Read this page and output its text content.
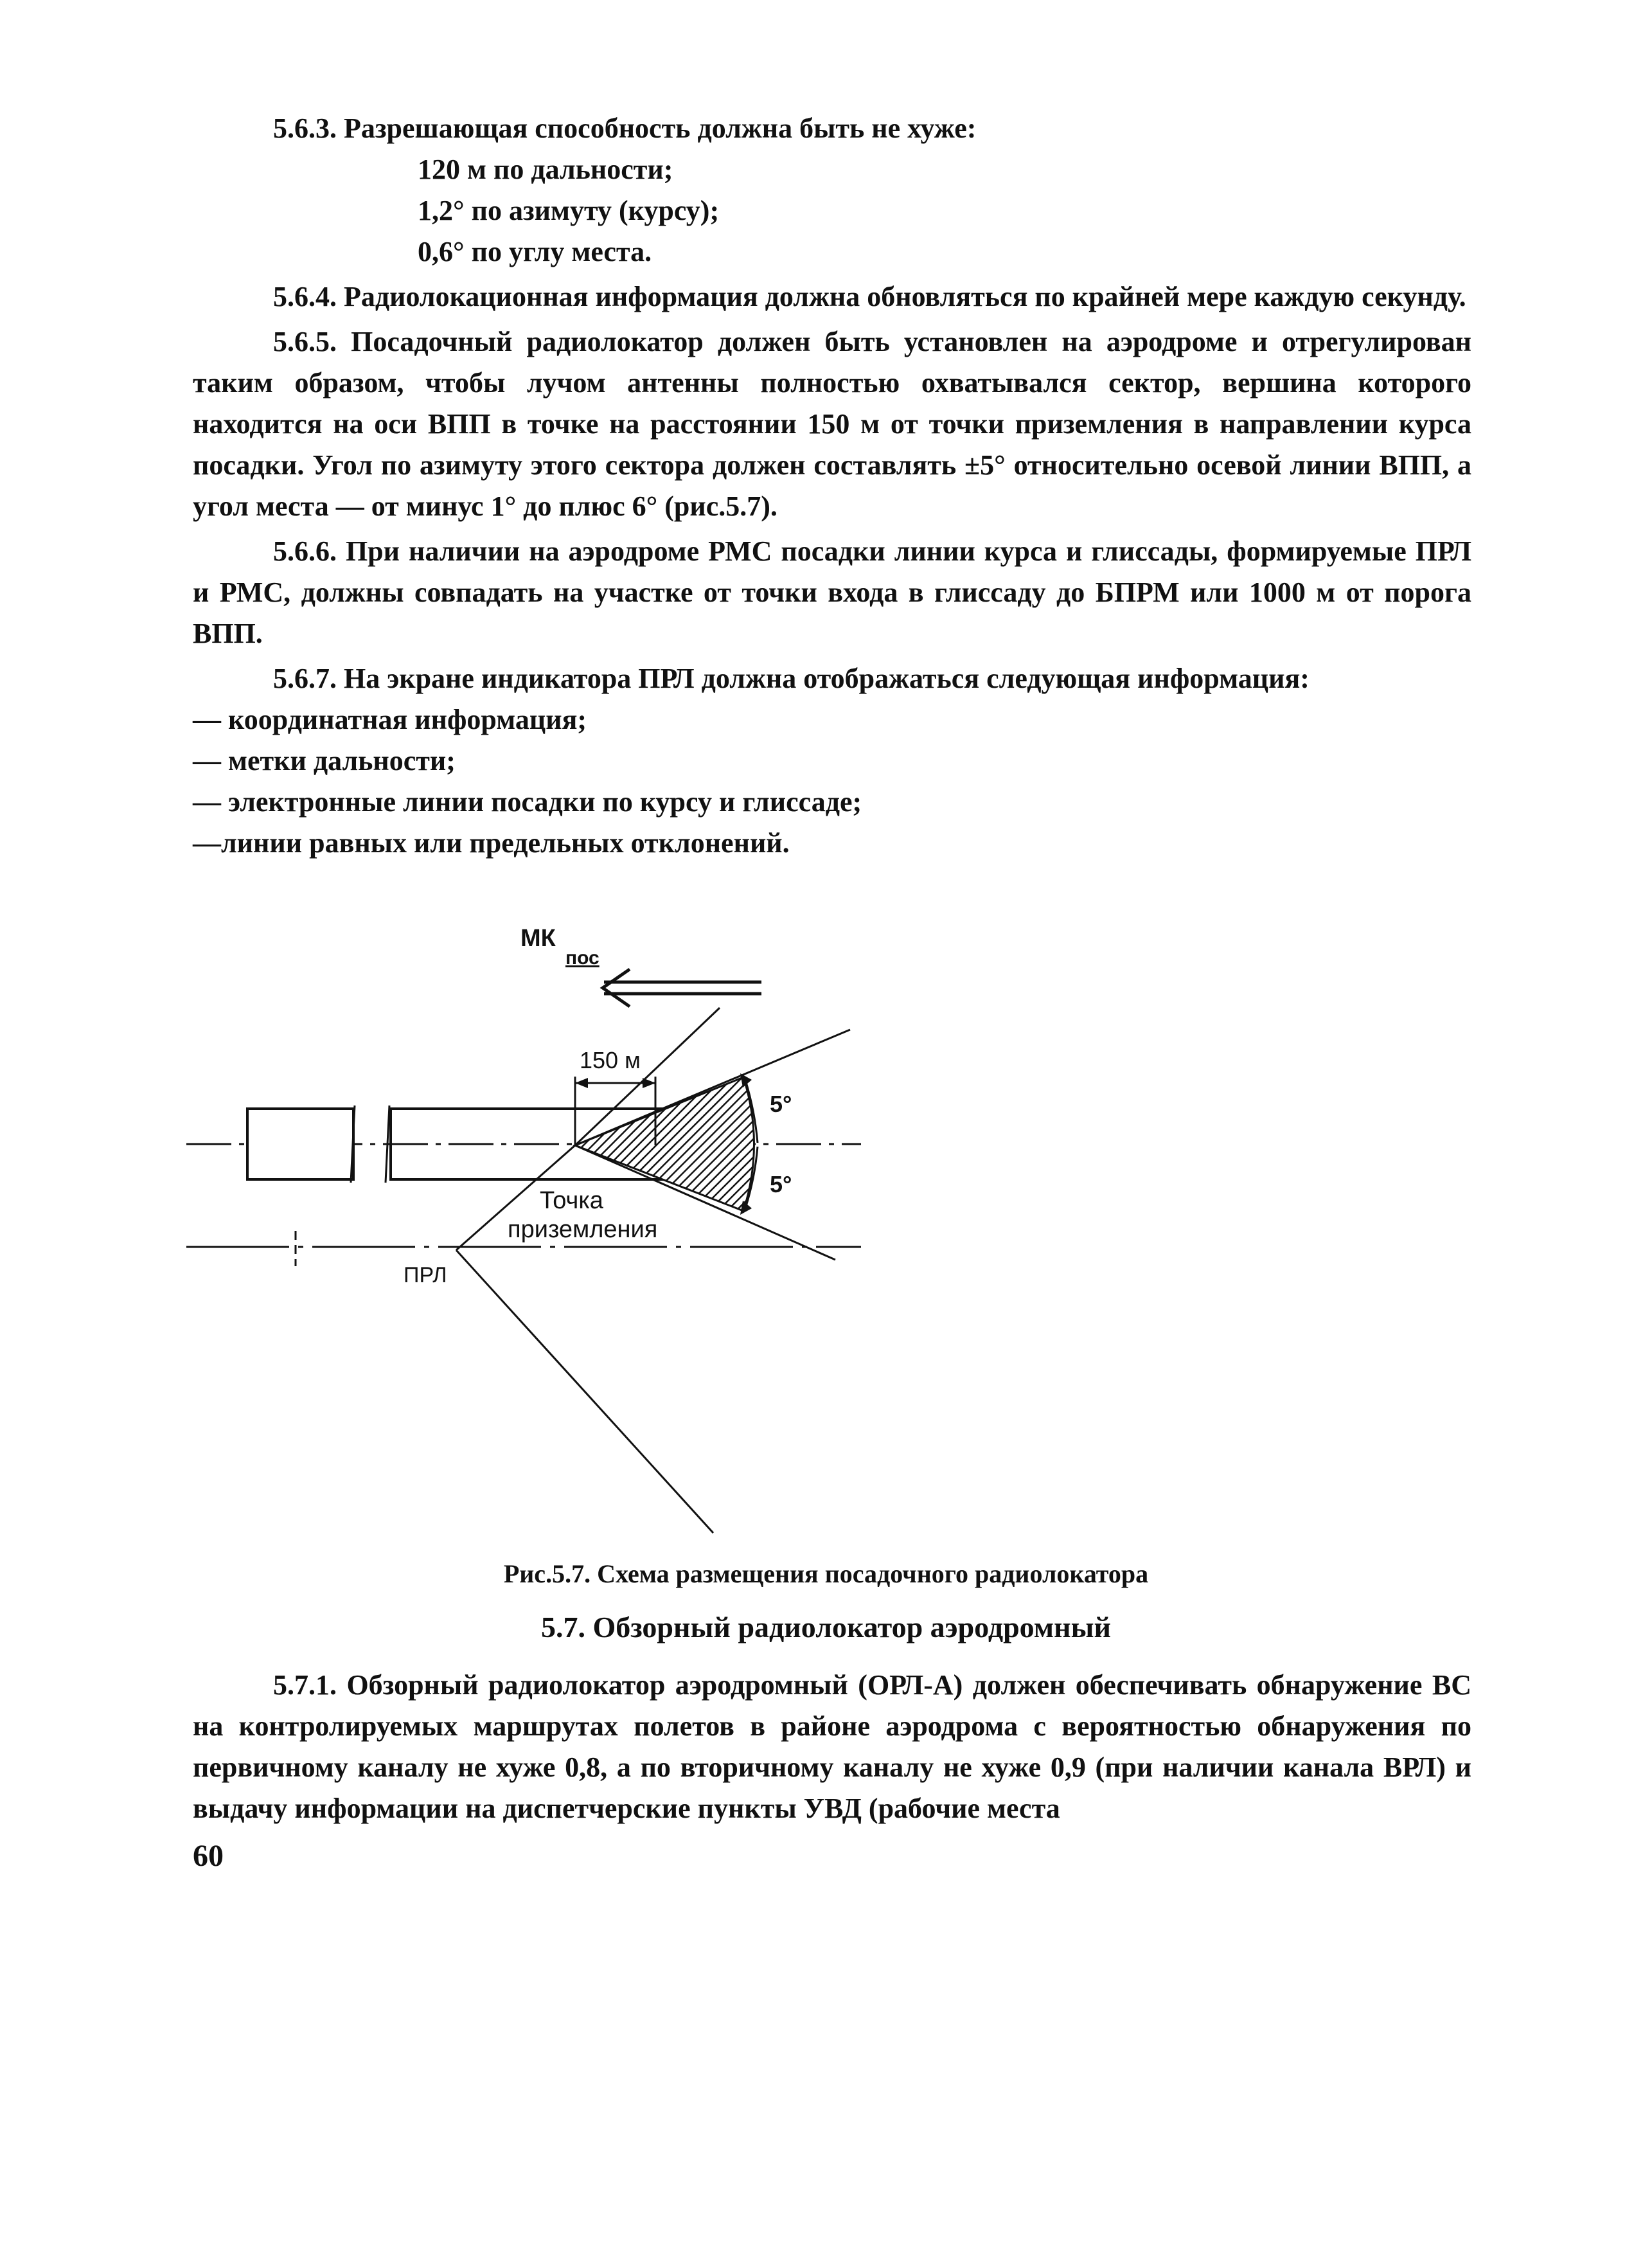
5.6.3. Разрешающая способность должна быть не хуже:

120 м по дальности;

1,2° по азимуту (курсу);

0,6° по углу места.

5.6.4. Радиолокационная информация должна обновляться по крайней мере каждую секунду.

5.6.5. Посадочный радиолокатор должен быть установлен на аэродроме и отрегулирован таким образом, чтобы лучом антенны полностью охватывался сектор, вершина которого находится на оси ВПП в точке на расстоянии 150 м от точки приземления в направлении курса посадки. Угол по азимуту этого сектора должен составлять ±5° относительно осевой линии ВПП, а угол места — от минус 1° до плюс 6° (рис.5.7).

5.6.6. При наличии на аэродроме РМС посадки линии курса и глиссады, формируемые ПРЛ и РМС, должны совпадать на участке от точки входа в глиссаду до БПРМ или 1000 м от порога ВПП.

5.6.7. На экране индикатора ПРЛ должна отображаться следующая информация:

— координатная информация;

— метки дальности;

— электронные линии посадки по курсу и глиссаде;

—линии равных или предельных отклонений.

МК
пос
150 м
5°
5°
Точка
приземления
ПРЛ
Рис.5.7. Схема размещения посадочного радиолокатора
5.7. Обзорный радиолокатор аэродромный

5.7.1. Обзорный радиолокатор аэродромный (ОРЛ-А) должен обеспечивать обнаружение ВС на контролируемых маршрутах полетов в районе аэродрома с вероятностью обнаружения по первичному каналу не хуже 0,8, а по вторичному каналу не хуже 0,9 (при наличии канала ВРЛ) и выдачу информации на диспетчерские пункты УВД (рабочие места

60
